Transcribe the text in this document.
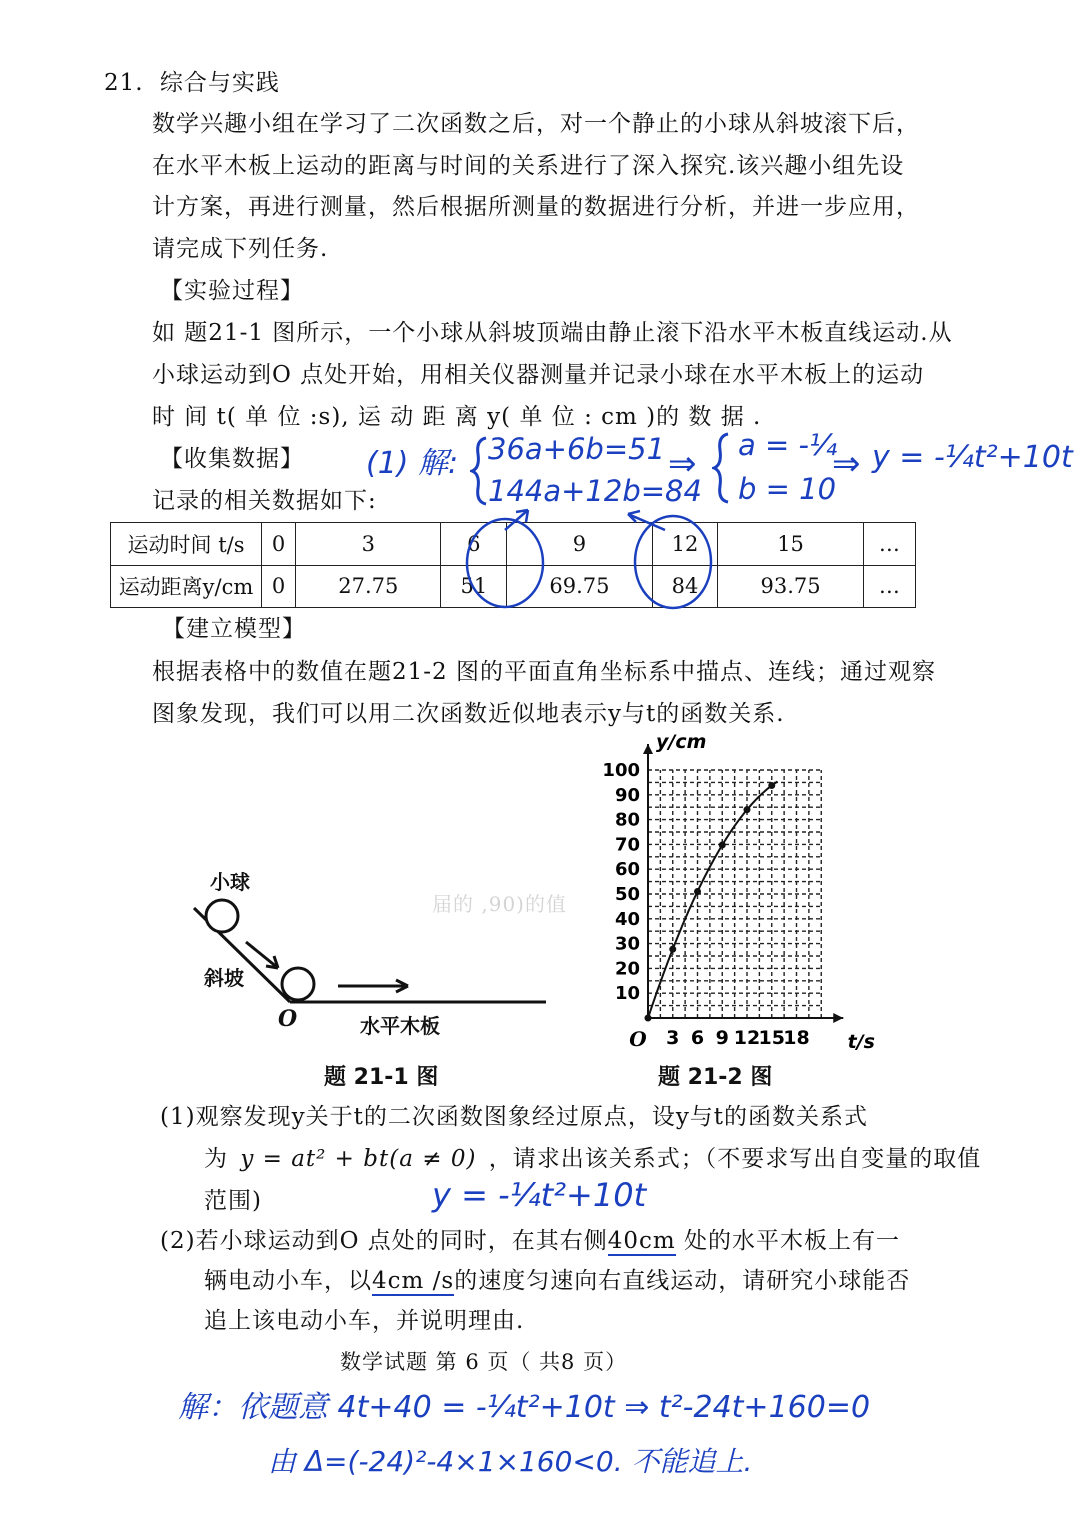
21. 综合与实践
数学兴趣小组在学习了二次函数之后，对一个静止的小球从斜坡滚下后，
在水平木板上运动的距离与时间的关系进行了深入探究.该兴趣小组先设
计方案，再进行测量，然后根据所测量的数据进行分析，并进一步应用，
请完成下列任务.
【实验过程】
如 题21-1 图所示，一个小球从斜坡顶端由静止滚下沿水平木板直线运动.从
小球运动到O 点处开始，用相关仪器测量并记录小球在水平木板上的运动
时 间 t( 单 位 :s), 运 动 距 离 y( 单 位 : cm )的 数 据 .
【收集数据】
记录的相关数据如下:
(1) 解: 36a+6b=51
144a+12b=84
⇒ a = -¼
b = 10
⇒ y = -¼t²+10t
运动时间 t/s	0	3	6	9	12	15	…
运动距离y/cm	0	27.75	51	69.75	84	93.75	…
【建立模型】
根据表格中的数值在题21-2 图的平面直角坐标系中描点、连线；通过观察
图象发现，我们可以用二次函数近似地表示y与t的函数关系.
小球
斜坡
O	水平木板
题 21-1 图
届的 ,90)的值
3 6 9 12
15
18
10
20
30
40
50
60
70
80
90
100
O	t/s
y/cm
题 21-2 图
(1)观察发现y关于t的二次函数图象经过原点，设y与t的函数关系式
为 y = at² + bt(a ≠ 0) ，请求出该关系式；（不要求写出自变量的取值
范围)	y = -¼t²+10t
(2)若小球运动到O 点处的同时，在其右侧40cm 处的水平木板上有一
辆电动小车，以4cm /s的速度匀速向右直线运动，请研究小球能否
追上该电动小车，并说明理由.
数学试题 第 6 页（ 共8 页）
解：依题意 4t+40 = -¼t²+10t ⇒ t²-24t+160=0
由 Δ=(-24)²-4×1×160<0. 不能追上.
